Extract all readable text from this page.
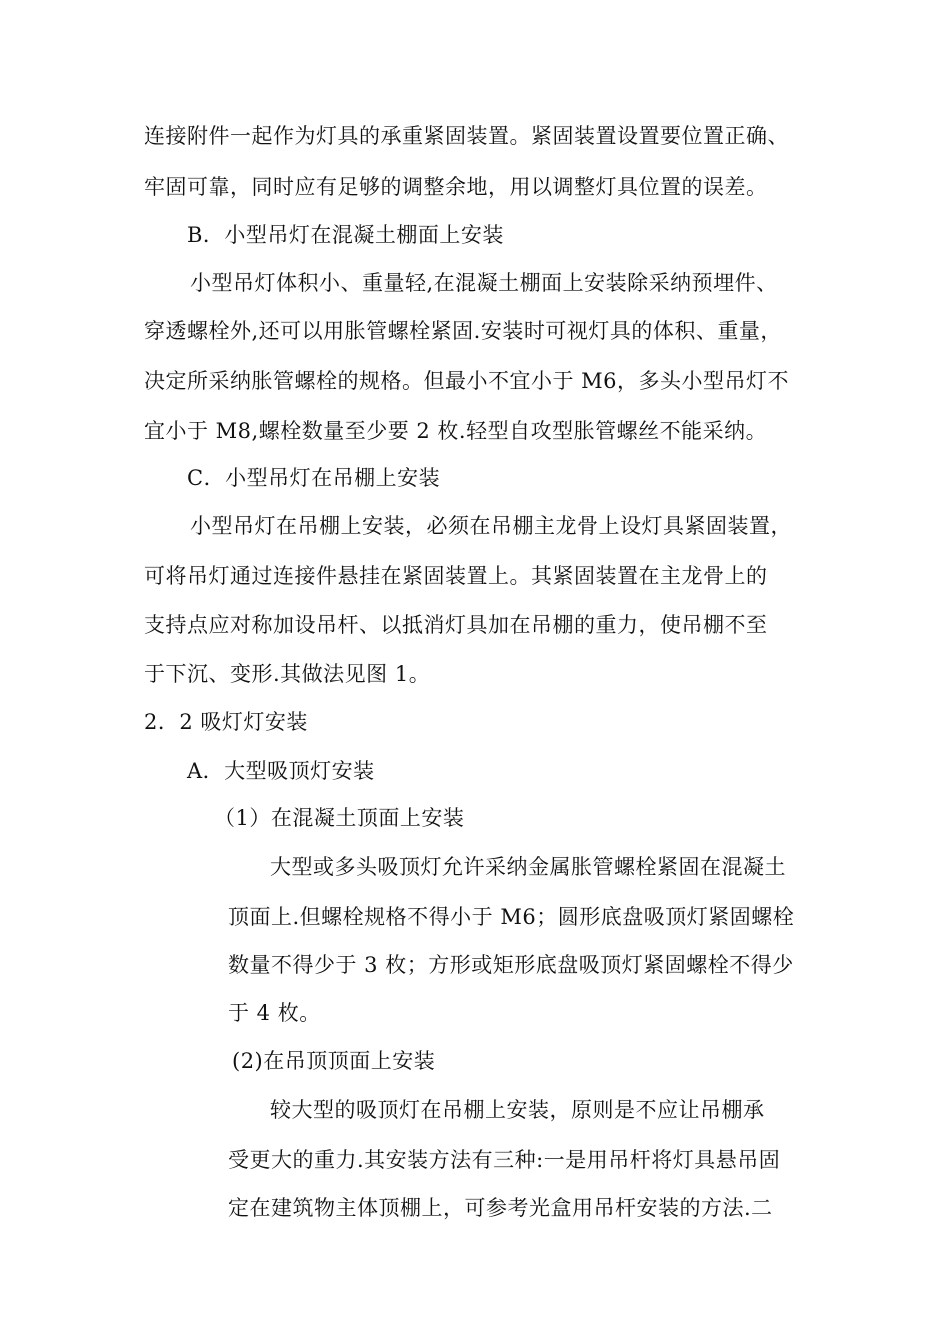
连接附件一起作为灯具的承重紧固装置。紧固装置设置要位置正确、
牢固可靠，同时应有足够的调整余地，用以调整灯具位置的误差。
B．小型吊灯在混凝土棚面上安装
小型吊灯体积小、重量轻,在混凝土棚面上安装除采纳预埋件、
穿透螺栓外,还可以用胀管螺栓紧固.安装时可视灯具的体积、重量，
决定所采纳胀管螺栓的规格。但最小不宜小于 M6，多头小型吊灯不
宜小于 M8,螺栓数量至少要 2 枚.轻型自攻型胀管螺丝不能采纳。
C．小型吊灯在吊棚上安装
小型吊灯在吊棚上安装，必须在吊棚主龙骨上设灯具紧固装置，
可将吊灯通过连接件悬挂在紧固装置上。其紧固装置在主龙骨上的
支持点应对称加设吊杆、以抵消灯具加在吊棚的重力，使吊棚不至
于下沉、变形.其做法见图 1。
2．2 吸灯灯安装
A．大型吸顶灯安装
（1）在混凝土顶面上安装
大型或多头吸顶灯允许采纳金属胀管螺栓紧固在混凝土
顶面上.但螺栓规格不得小于 M6；圆形底盘吸顶灯紧固螺栓
数量不得少于 3 枚；方形或矩形底盘吸顶灯紧固螺栓不得少
于 4 枚。
(2)在吊顶顶面上安装
较大型的吸顶灯在吊棚上安装，原则是不应让吊棚承
受更大的重力.其安装方法有三种:一是用吊杆将灯具悬吊固
定在建筑物主体顶棚上，可参考光盒用吊杆安装的方法.二
